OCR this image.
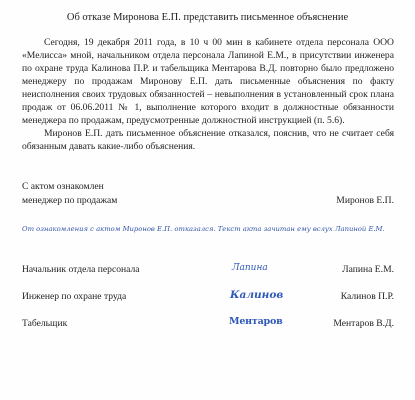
Об отказе Миронова Е.П. представить письменное объяснение

Сегодня, 19 декабря 2011 года, в 10 ч 00 мин в кабинете отдела персонала ООО «Мелисса» мной, начальником отдела персонала Лапиной Е.М., в присутствии инженера по охране труда Калинова П.Р. и табельщика Ментарова В.Д. повторно было предложено менеджеру по продажам Миронову Е.П. дать письменные объяснения по факту неисполнения своих трудовых обязанностей – невыполнения в установленный срок плана продаж от 06.06.2011 № 1, выполнение которого входит в должностные обязанности менеджера по продажам, предусмотренные должностной инструкцией (п. 5.6).

Миронов Е.П. дать письменное объяснение отказался, пояснив, что не считает себя обязанным давать какие-либо объяснения.

С актом ознакомлен
менеджер по продажам	Миронов Е.П.
От ознакомления с актом Миронов Е.П. отказался. Текст акта зачитан ему вслух Лапиной Е.М.
Начальник отдела персонала	Лапина	Лапина Е.М.
Инженер по охране труда	Калинов	Калинов П.Р.
Табельщик	Ментаров	Ментаров В.Д.
